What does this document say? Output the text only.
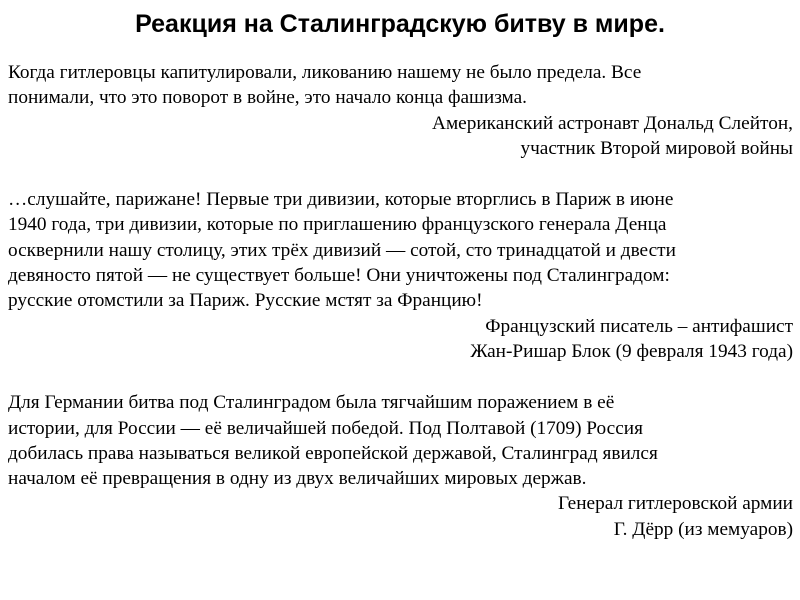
Реакция на Сталинградскую битву в мире.

Когда гитлеровцы капитулировали, ликованию нашему не было предела. Все
понимали, что это поворот в войне, это начало конца фашизма.

Американский астронавт Дональд Слейтон,
участник Второй мировой войны

…слушайте, парижане! Первые три дивизии, которые вторглись в Париж в июне
1940 года, три дивизии, которые по приглашению французского генерала Денца
осквернили нашу столицу, этих трёх дивизий — сотой, сто тринадцатой и двести
девяносто пятой — не существует больше! Они уничтожены под Сталинградом:
русские отомстили за Париж. Русские мстят за Францию!

Французский писатель – антифашист
Жан-Ришар Блок (9 февраля 1943 года)

Для Германии битва под Сталинградом была тягчайшим поражением в её
истории, для России — её величайшей победой. Под Полтавой (1709) Россия
добилась права называться великой европейской державой, Сталинград явился
началом её превращения в одну из двух величайших мировых держав.

Генерал гитлеровской армии
Г. Дёрр (из мемуаров)
